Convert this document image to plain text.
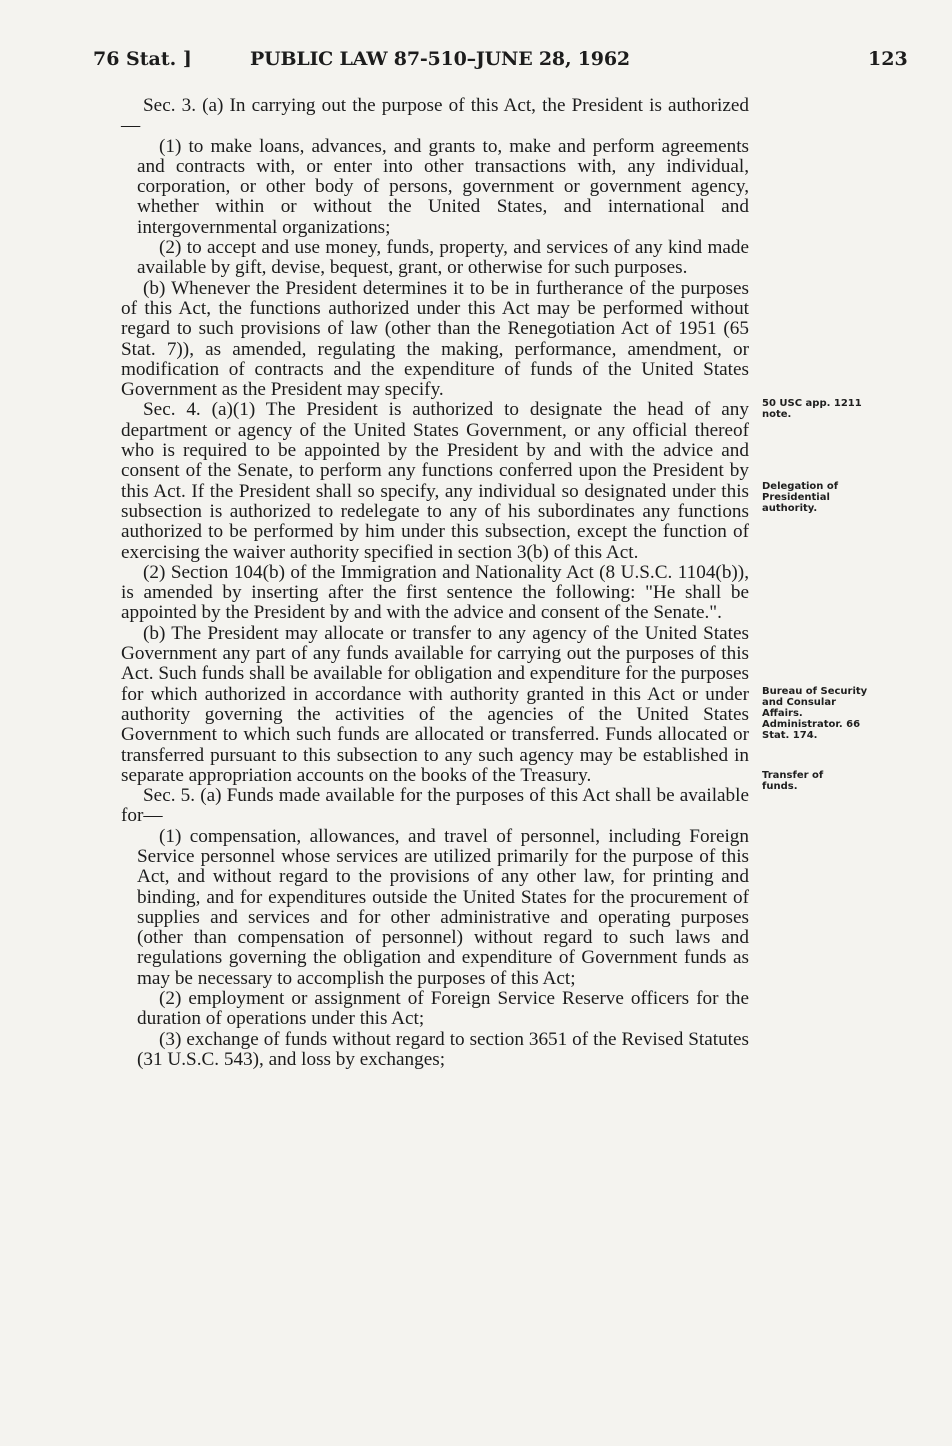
76 Stat. ]	PUBLIC LAW 87-510–JUNE 28, 1962	123

Sec. 3. (a) In carrying out the purpose of this Act, the President is authorized—

(1) to make loans, advances, and grants to, make and perform agreements and contracts with, or enter into other transactions with, any individual, corporation, or other body of persons, government or government agency, whether within or without the United States, and international and intergovernmental organizations;

(2) to accept and use money, funds, property, and services of any kind made available by gift, devise, bequest, grant, or otherwise for such purposes.

(b) Whenever the President determines it to be in furtherance of the purposes of this Act, the functions authorized under this Act may be performed without regard to such provisions of law (other than the Renegotiation Act of 1951 (65 Stat. 7)), as amended, regulating the making, performance, amendment, or modification of contracts and the expenditure of funds of the United States Government as the President may specify.

Sec. 4. (a)(1) The President is authorized to designate the head of any department or agency of the United States Government, or any official thereof who is required to be appointed by the President by and with the advice and consent of the Senate, to perform any functions conferred upon the President by this Act. If the President shall so specify, any individual so designated under this subsection is authorized to redelegate to any of his subordinates any functions authorized to be performed by him under this subsection, except the function of exercising the waiver authority specified in section 3(b) of this Act.

(2) Section 104(b) of the Immigration and Nationality Act (8 U.S.C. 1104(b)), is amended by inserting after the first sentence the following: "He shall be appointed by the President by and with the advice and consent of the Senate.".

(b) The President may allocate or transfer to any agency of the United States Government any part of any funds available for carrying out the purposes of this Act. Such funds shall be available for obligation and expenditure for the purposes for which authorized in accordance with authority granted in this Act or under authority governing the activities of the agencies of the United States Government to which such funds are allocated or transferred. Funds allocated or transferred pursuant to this subsection to any such agency may be established in separate appropriation accounts on the books of the Treasury.

Sec. 5. (a) Funds made available for the purposes of this Act shall be available for—

(1) compensation, allowances, and travel of personnel, including Foreign Service personnel whose services are utilized primarily for the purpose of this Act, and without regard to the provisions of any other law, for printing and binding, and for expenditures outside the United States for the procurement of supplies and services and for other administrative and operating purposes (other than compensation of personnel) without regard to such laws and regulations governing the obligation and expenditure of Government funds as may be necessary to accomplish the purposes of this Act;

(2) employment or assignment of Foreign Service Reserve officers for the duration of operations under this Act;

(3) exchange of funds without regard to section 3651 of the Revised Statutes (31 U.S.C. 543), and loss by exchanges;

50 USC app. 1211 note.
Delegation of Presidential authority.
Bureau of Security and Consular Affairs. Administrator. 66 Stat. 174.
Transfer of funds.
